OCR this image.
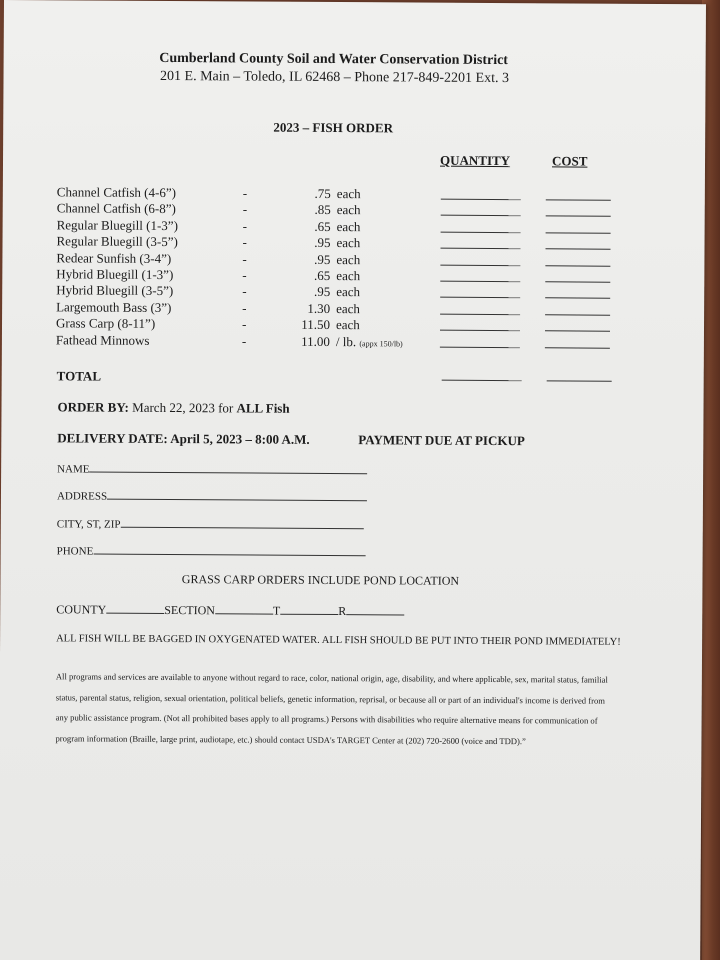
Cumberland County Soil and Water Conservation District
201 E. Main – Toledo, IL 62468 – Phone 217-849-2201 Ext. 3
2023 – FISH ORDER
QUANTITY	COST
Channel Catfish (4-6”)	-	.75 each
Channel Catfish (6-8”)	-	.85 each
Regular Bluegill (1-3”)	-	.65 each
Regular Bluegill (3-5”)	-	.95 each
Redear Sunfish (3-4”)	-	.95 each
Hybrid Bluegill (1-3”)	-	.65 each
Hybrid Bluegill (3-5”)	-	.95 each
Largemouth Bass (3”)	-	1.30 each
Grass Carp (8-11”)	-	11.50 each
Fathead Minnows	-	11.00 / lb. (appx 150/lb)
TOTAL
ORDER BY: March 22, 2023 for ALL Fish
DELIVERY DATE: April 5, 2023 – 8:00 A.M.	PAYMENT DUE AT PICKUP
NAME
ADDRESS
CITY, ST, ZIP
PHONE
GRASS CARP ORDERS INCLUDE POND LOCATION
COUNTY	SECTION	T	R
ALL FISH WILL BE BAGGED IN OXYGENATED WATER. ALL FISH SHOULD BE PUT INTO THEIR POND IMMEDIATELY!
All programs and services are available to anyone without regard to race, color, national origin, age, disability, and where applicable, sex, marital status, familial status, parental status, religion, sexual orientation, political beliefs, genetic information, reprisal, or because all or part of an individual's income is derived from any public assistance program. (Not all prohibited bases apply to all programs.) Persons with disabilities who require alternative means for communication of program information (Braille, large print, audiotape, etc.) should contact USDA's TARGET Center at (202) 720-2600 (voice and TDD).”
